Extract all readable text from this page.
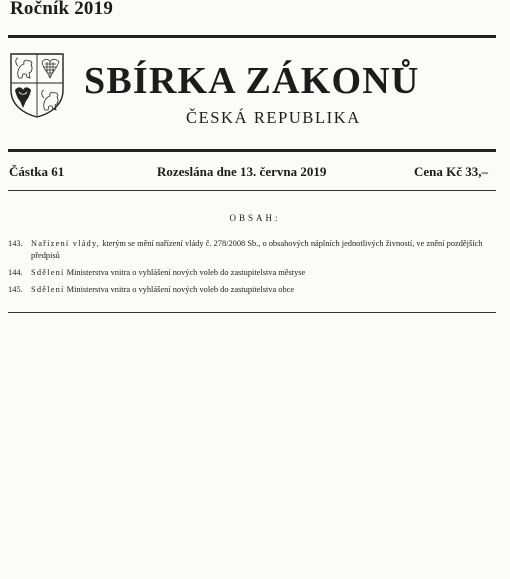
Ročník 2019
SBÍRKA ZÁKONŮ
ČESKÁ REPUBLIKA
Částka 61	Rozeslána dne 13. června 2019	Cena Kč 33,–
OBSAH:
143. Nařízení vlády, kterým se mění nařízení vlády č. 278/2008 Sb., o obsahových náplních jednotlivých živností, ve znění pozdějších předpisů
144. Sdělení Ministerstva vnitra o vyhlášení nových voleb do zastupitelstva městyse
145. Sdělení Ministerstva vnitra o vyhlášení nových voleb do zastupitelstva obce
